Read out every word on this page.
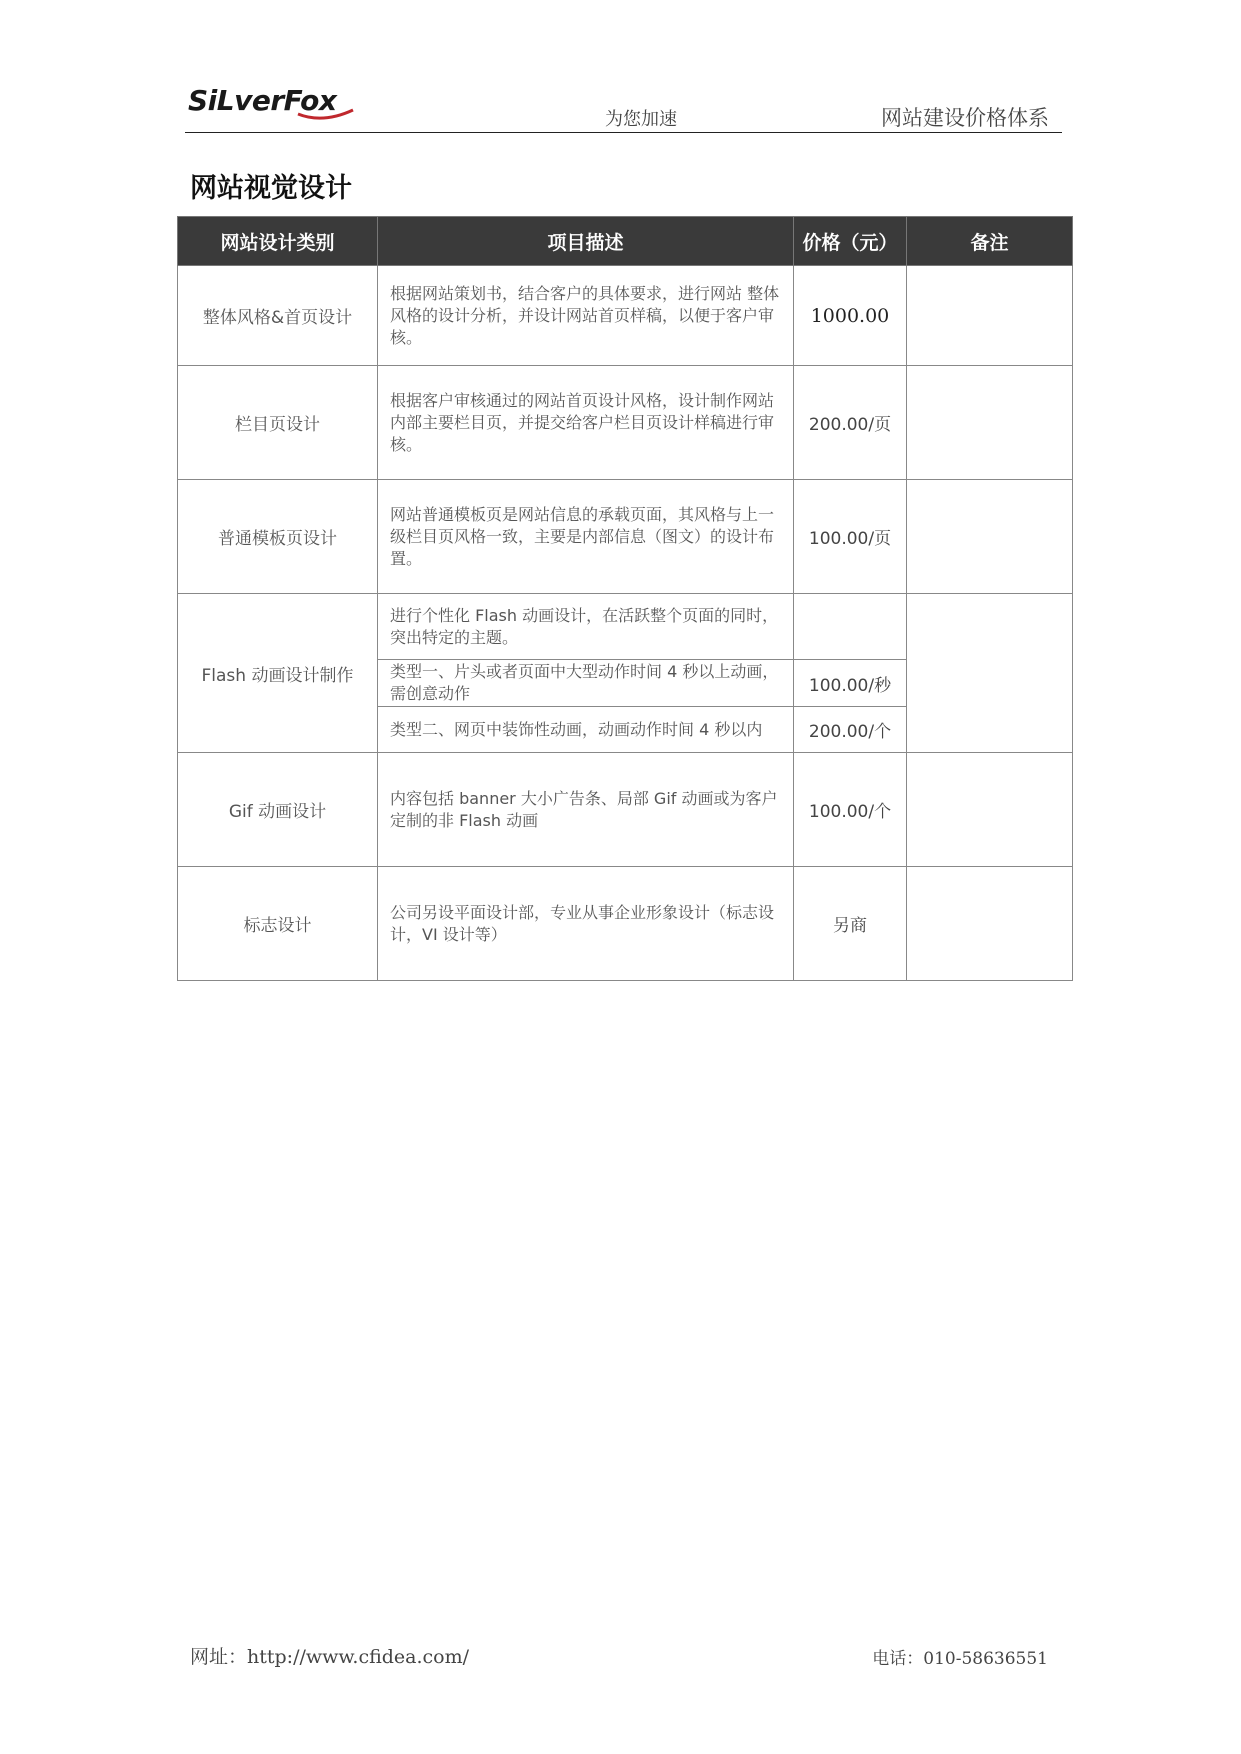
SiLverFox
为您加速	网站建设价格体系
网站视觉设计
网站设计类别	项目描述	价格（元）	备注
整体风格&首页设计	根据网站策划书，结合客户的具体要求，进行网站 整体风格的设计分析，并设计网站首页样稿，以便于客户审核。	1000.00	
栏目页设计	根据客户审核通过的网站首页设计风格，设计制作网站内部主要栏目页，并提交给客户栏目页设计样稿进行审核。	200.00/页	
普通模板页设计	网站普通模板页是网站信息的承载页面，其风格与上一级栏目页风格一致，主要是内部信息（图文）的设计布置。	100.00/页	
Flash 动画设计制作	进行个性化 Flash 动画设计，在活跃整个页面的同时，突出特定的主题。		
	类型一、片头或者页面中大型动作时间 4 秒以上动画，需创意动作	100.00/秒	
	类型二、网页中装饰性动画，动画动作时间 4 秒以内	200.00/个	
Gif 动画设计	内容包括 banner 大小广告条、局部 Gif 动画或为客户定制的非 Flash 动画	100.00/个	
标志设计	公司另设平面设计部，专业从事企业形象设计（标志设计，VI 设计等）	另商	
网址：http://www.cfidea.com/	电话：010-58636551
